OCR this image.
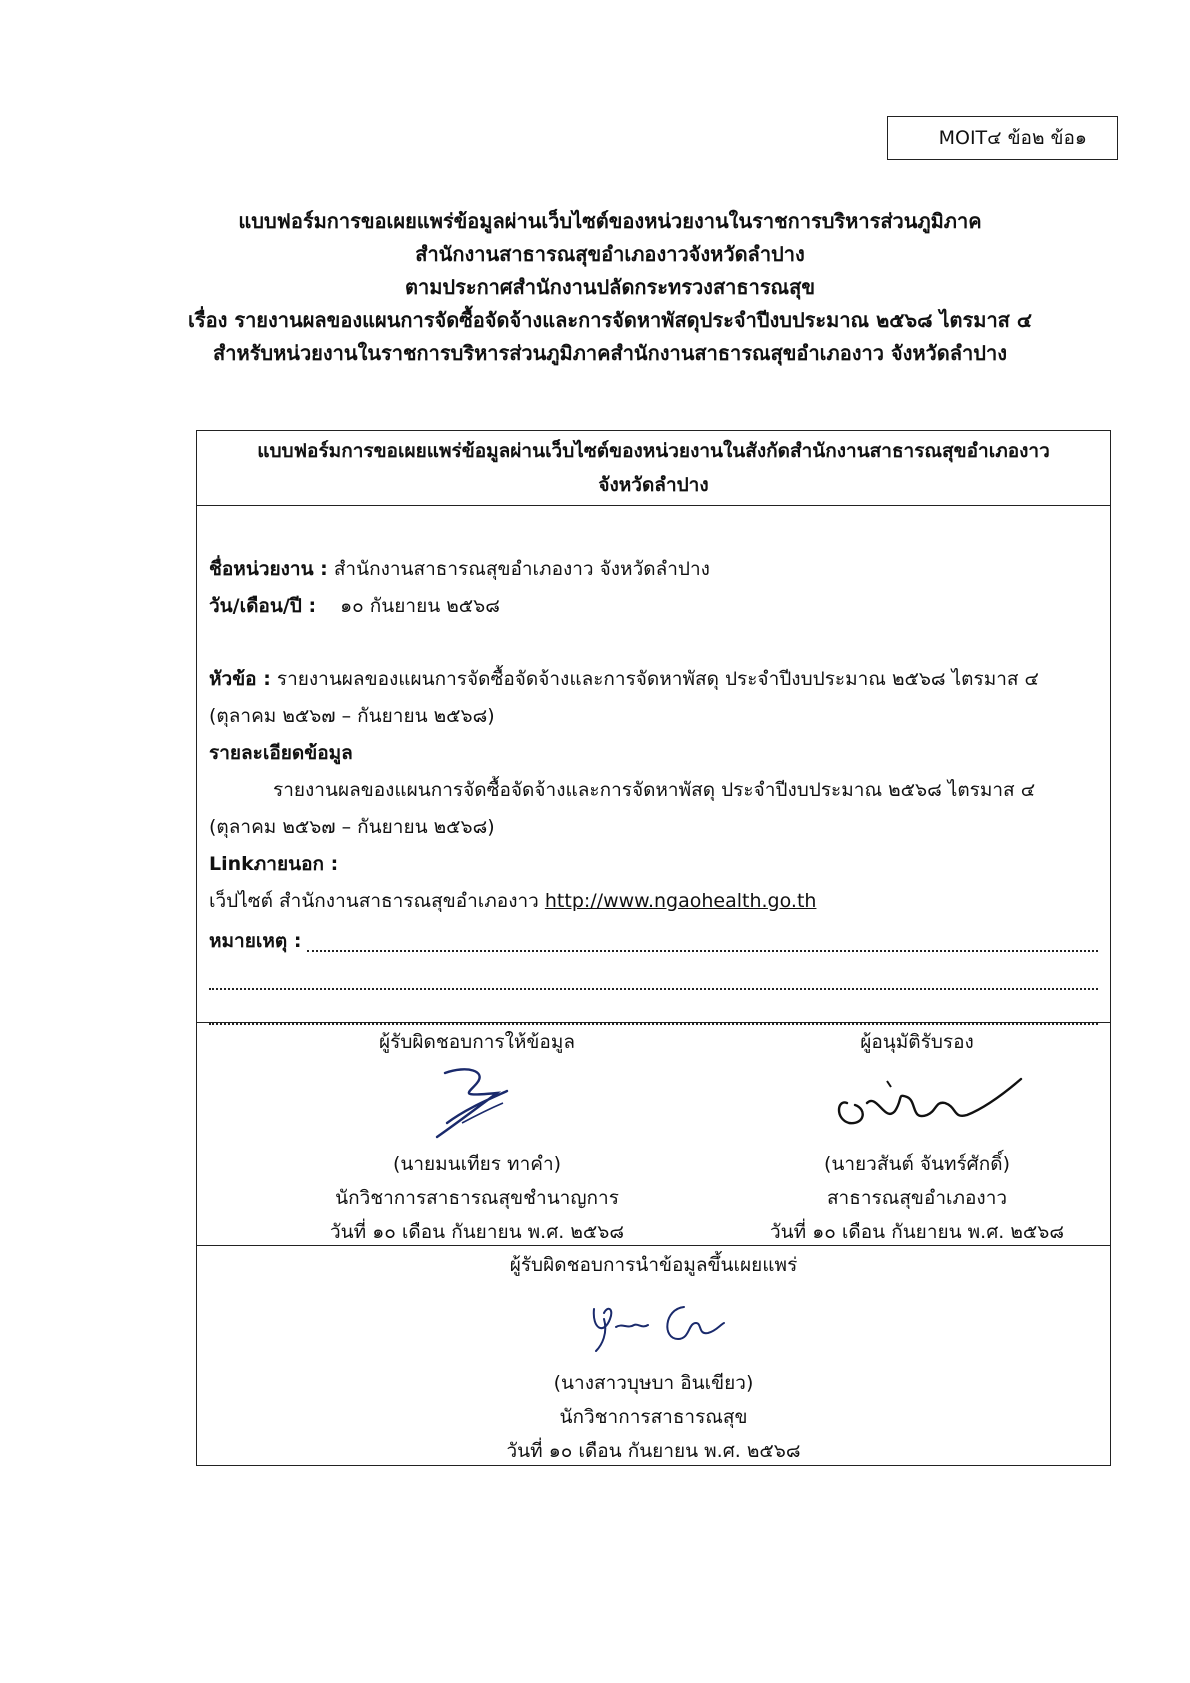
MOIT๔ ข้อ๒ ข้อ๑
แบบฟอร์มการขอเผยแพร่ข้อมูลผ่านเว็บไซต์ของหน่วยงานในราชการบริหารส่วนภูมิภาค
สำนักงานสาธารณสุขอำเภองาวจังหวัดลำปาง
ตามประกาศสำนักงานปลัดกระทรวงสาธารณสุข
เรื่อง รายงานผลของแผนการจัดซื้อจัดจ้างและการจัดหาพัสดุประจำปีงบประมาณ ๒๕๖๘ ไตรมาส ๔
สำหรับหน่วยงานในราชการบริหารส่วนภูมิภาคสำนักงานสาธารณสุขอำเภองาว จังหวัดลำปาง
แบบฟอร์มการขอเผยแพร่ข้อมูลผ่านเว็บไซต์ของหน่วยงานในสังกัดสำนักงานสาธารณสุขอำเภองาว
จังหวัดลำปาง
ชื่อหน่วยงาน : สำนักงานสาธารณสุขอำเภองาว จังหวัดลำปาง
วัน/เดือน/ปี : ๑๐ กันยายน ๒๕๖๘
หัวข้อ : รายงานผลของแผนการจัดซื้อจัดจ้างและการจัดหาพัสดุ ประจำปีงบประมาณ ๒๕๖๘ ไตรมาส ๔
(ตุลาคม ๒๕๖๗ – กันยายน ๒๕๖๘)
รายละเอียดข้อมูล
รายงานผลของแผนการจัดซื้อจัดจ้างและการจัดหาพัสดุ ประจำปีงบประมาณ ๒๕๖๘ ไตรมาส ๔
(ตุลาคม ๒๕๖๗ – กันยายน ๒๕๖๘)
Linkภายนอก :
เว็ปไซต์ สำนักงานสาธารณสุขอำเภองาว http://www.ngaohealth.go.th
หมายเหตุ :
ผู้รับผิดชอบการให้ข้อมูล
(นายมนเทียร ทาคำ)
นักวิชาการสาธารณสุขชำนาญการ
วันที่ ๑๐ เดือน กันยายน พ.ศ. ๒๕๖๘
ผู้อนุมัติรับรอง
(นายวสันต์ จันทร์ศักดิ์)
สาธารณสุขอำเภองาว
วันที่ ๑๐ เดือน กันยายน พ.ศ. ๒๕๖๘
ผู้รับผิดชอบการนำข้อมูลขึ้นเผยแพร่
(นางสาวบุษบา อินเขียว)
นักวิชาการสาธารณสุข
วันที่ ๑๐ เดือน กันยายน พ.ศ. ๒๕๖๘
